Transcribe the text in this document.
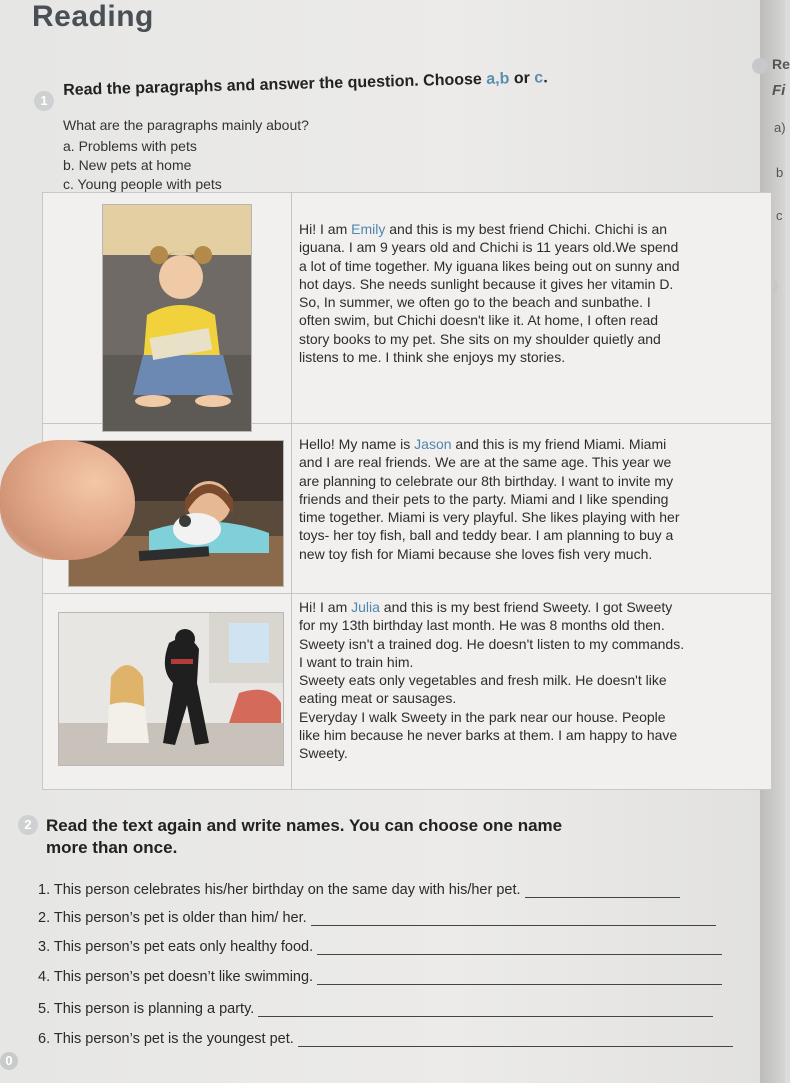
Reading
Re
Fi
a)
b
c
1
Read the paragraphs and answer the question. Choose a,b or c.
What are the paragraphs mainly about?
a. Problems with pets
b. New pets at home
c. Young people with pets
Hi! I am Emily and this is my best friend Chichi. Chichi is an
iguana. I am 9 years old and Chichi is 11 years old.We spend
a lot of time together. My iguana likes being out on sunny and
hot days. She needs sunlight because it gives her vitamin D.
So, In summer, we often go to the beach and sunbathe. I
often swim, but Chichi doesn't like it. At home, I often read
story books to my pet. She sits on my shoulder quietly and
listens to me. I think she enjoys my stories.
Hello! My name is Jason and this is my friend Miami. Miami
and I are real friends. We are at the same age. This year we
are planning to celebrate our 8th birthday. I want to invite my
friends and their pets to the party. Miami and I like spending
time together. Miami is very playful. She likes playing with her
toys- her toy fish, ball and teddy bear. I am planning to buy a
new toy fish for Miami because she loves fish very much.
Hi! I am Julia and this is my best friend Sweety. I got Sweety
for my 13th birthday last month. He was 8 months old then.
Sweety isn't a trained dog. He doesn't listen to my commands.
I want to train him.
Sweety eats only vegetables and fresh milk. He doesn't like
eating meat or sausages.
Everyday I walk Sweety in the park near our house. People
like him because he never barks at them. I am happy to have
Sweety.
2 Read the text again and write names. You can choose one name
more than once.
1. This person celebrates his/her birthday on the same day with his/her pet.
2. This person’s pet is older than him/ her.
3. This person’s pet eats only healthy food.
4. This person’s pet doesn’t like swimming.
5. This person is planning a party.
6. This person’s pet is the youngest pet.
0
